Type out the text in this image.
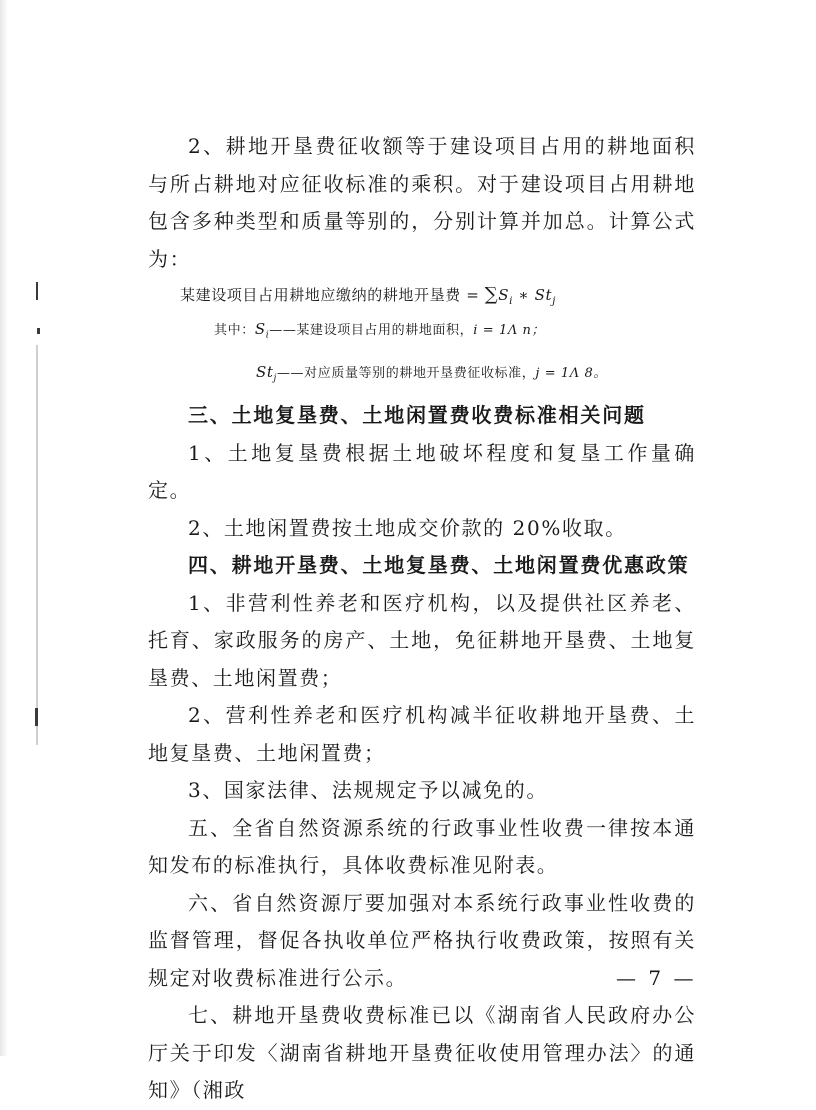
2、耕地开垦费征收额等于建设项目占用的耕地面积与所占耕地对应征收标准的乘积。对于建设项目占用耕地包含多种类型和质量等别的，分别计算并加总。计算公式为：

某建设项目占用耕地应缴纳的耕地开垦费 = $\sum S_i$ ∗ $St_j$

其中：$S_i——$某建设项目占用的耕地面积，i = 1Λ n；

$St_j——$对应质量等别的耕地开垦费征收标准，j = 1Λ 8。

三、土地复垦费、土地闲置费收费标准相关问题

1、土地复垦费根据土地破坏程度和复垦工作量确定。

2、土地闲置费按土地成交价款的 20%收取。

四、耕地开垦费、土地复垦费、土地闲置费优惠政策

1、非营利性养老和医疗机构，以及提供社区养老、托育、家政服务的房产、土地，免征耕地开垦费、土地复垦费、土地闲置费；

2、营利性养老和医疗机构减半征收耕地开垦费、土地复垦费、土地闲置费；

3、国家法律、法规规定予以减免的。

五、全省自然资源系统的行政事业性收费一律按本通知发布的标准执行，具体收费标准见附表。

六、省自然资源厅要加强对本系统行政事业性收费的监督管理，督促各执收单位严格执行收费政策，按照有关规定对收费标准进行公示。

七、耕地开垦费收费标准已以《湖南省人民政府办公厅关于印发〈湖南省耕地开垦费征收使用管理办法〉的通知》（湘政

— 7 —
